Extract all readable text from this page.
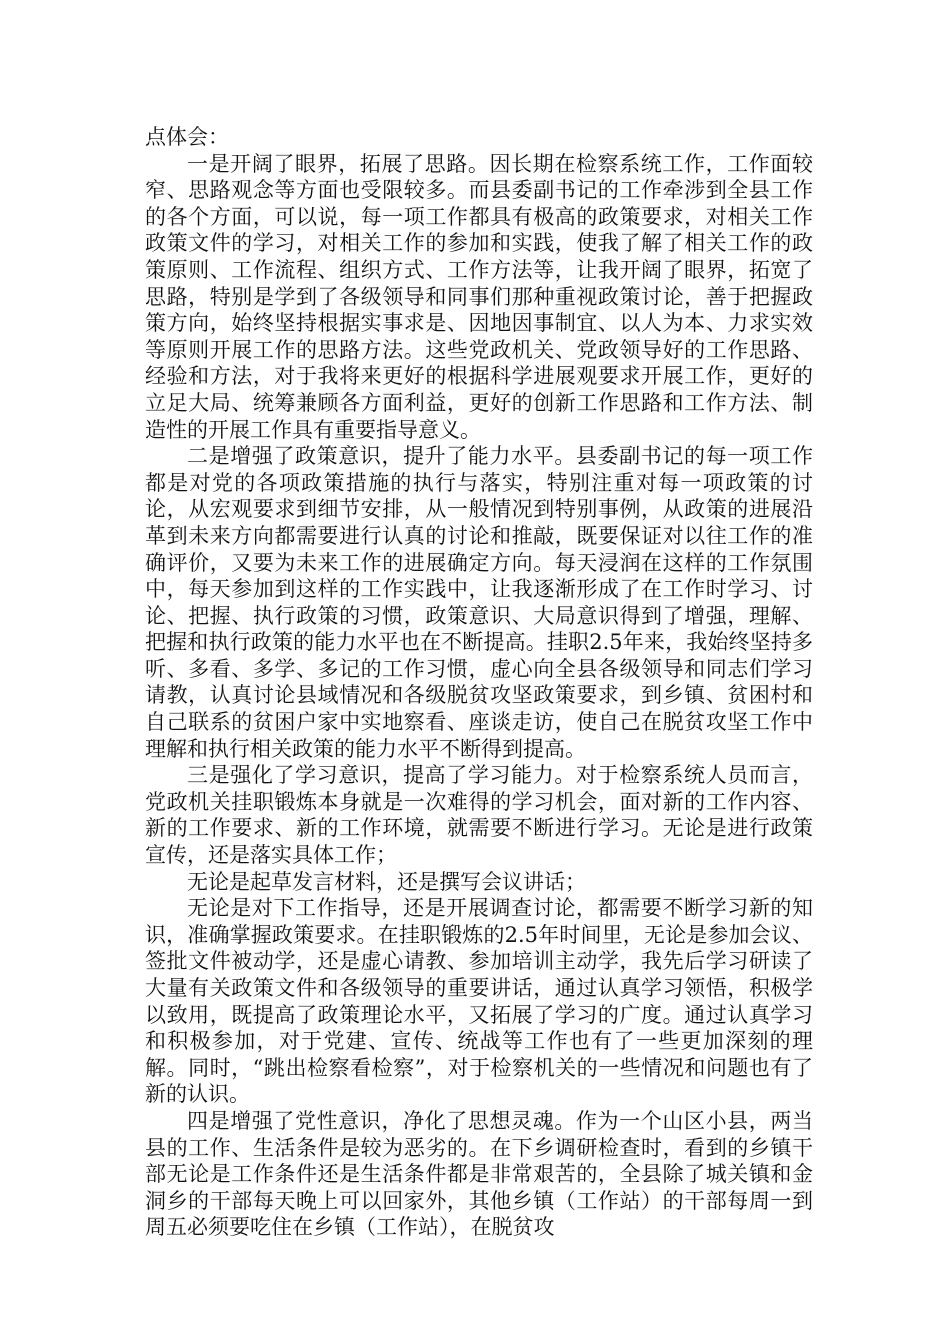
点体会：

一是开阔了眼界，拓展了思路。因长期在检察系统工作，工作面较窄、思路观念等方面也受限较多。而县委副书记的工作牵涉到全县工作的各个方面，可以说，每一项工作都具有极高的政策要求，对相关工作政策文件的学习，对相关工作的参加和实践，使我了解了相关工作的政策原则、工作流程、组织方式、工作方法等，让我开阔了眼界，拓宽了思路，特别是学到了各级领导和同事们那种重视政策讨论，善于把握政策方向，始终坚持根据实事求是、因地因事制宜、以人为本、力求实效等原则开展工作的思路方法。这些党政机关、党政领导好的工作思路、经验和方法，对于我将来更好的根据科学进展观要求开展工作，更好的立足大局、统筹兼顾各方面利益，更好的创新工作思路和工作方法、制造性的开展工作具有重要指导意义。

二是增强了政策意识，提升了能力水平。县委副书记的每一项工作都是对党的各项政策措施的执行与落实，特别注重对每一项政策的讨论，从宏观要求到细节安排，从一般情况到特别事例，从政策的进展沿革到未来方向都需要进行认真的讨论和推敲，既要保证对以往工作的准确评价，又要为未来工作的进展确定方向。每天浸润在这样的工作氛围中，每天参加到这样的工作实践中，让我逐渐形成了在工作时学习、讨论、把握、执行政策的习惯，政策意识、大局意识得到了增强，理解、把握和执行政策的能力水平也在不断提高。挂职2.5年来，我始终坚持多听、多看、多学、多记的工作习惯，虚心向全县各级领导和同志们学习请教，认真讨论县域情况和各级脱贫攻坚政策要求，到乡镇、贫困村和自己联系的贫困户家中实地察看、座谈走访，使自己在脱贫攻坚工作中理解和执行相关政策的能力水平不断得到提高。

三是强化了学习意识，提高了学习能力。对于检察系统人员而言，党政机关挂职锻炼本身就是一次难得的学习机会，面对新的工作内容、新的工作要求、新的工作环境，就需要不断进行学习。无论是进行政策宣传，还是落实具体工作；

无论是起草发言材料，还是撰写会议讲话；

无论是对下工作指导，还是开展调查讨论，都需要不断学习新的知识，准确掌握政策要求。在挂职锻炼的2.5年时间里，无论是参加会议、签批文件被动学，还是虚心请教、参加培训主动学，我先后学习研读了大量有关政策文件和各级领导的重要讲话，通过认真学习领悟，积极学以致用，既提高了政策理论水平，又拓展了学习的广度。通过认真学习和积极参加，对于党建、宣传、统战等工作也有了一些更加深刻的理解。同时，“跳出检察看检察”，对于检察机关的一些情况和问题也有了新的认识。

四是增强了党性意识，净化了思想灵魂。作为一个山区小县，两当县的工作、生活条件是较为恶劣的。在下乡调研检查时，看到的乡镇干部无论是工作条件还是生活条件都是非常艰苦的，全县除了城关镇和金洞乡的干部每天晚上可以回家外，其他乡镇（工作站）的干部每周一到周五必须要吃住在乡镇（工作站），在脱贫攻
